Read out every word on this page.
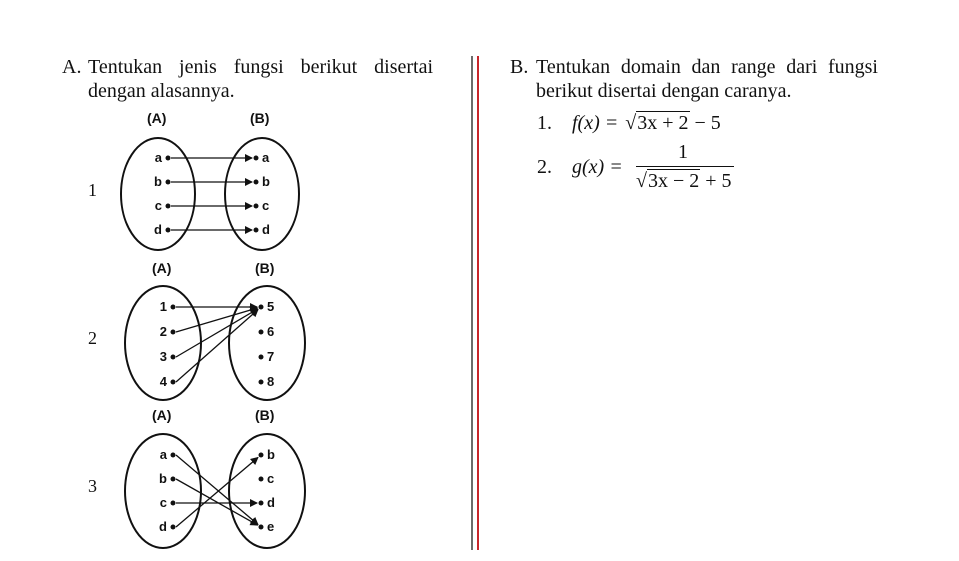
A. Tentukan jenis fungsi berikut disertai
dengan alasannya.
(A)	(B)
1
(A)	(B)
2
(A)	(B)
3
a
b
c
d
a
b
c
d
1
2
3
4
5
6
7
8
a
b
c
d
b
c
d
e
B. Tentukan domain dan range dari fungsi
berikut disertai dengan caranya.
1. f(x) = √3x + 2 − 5
2. g(x) =
1
√3x − 2 + 5
